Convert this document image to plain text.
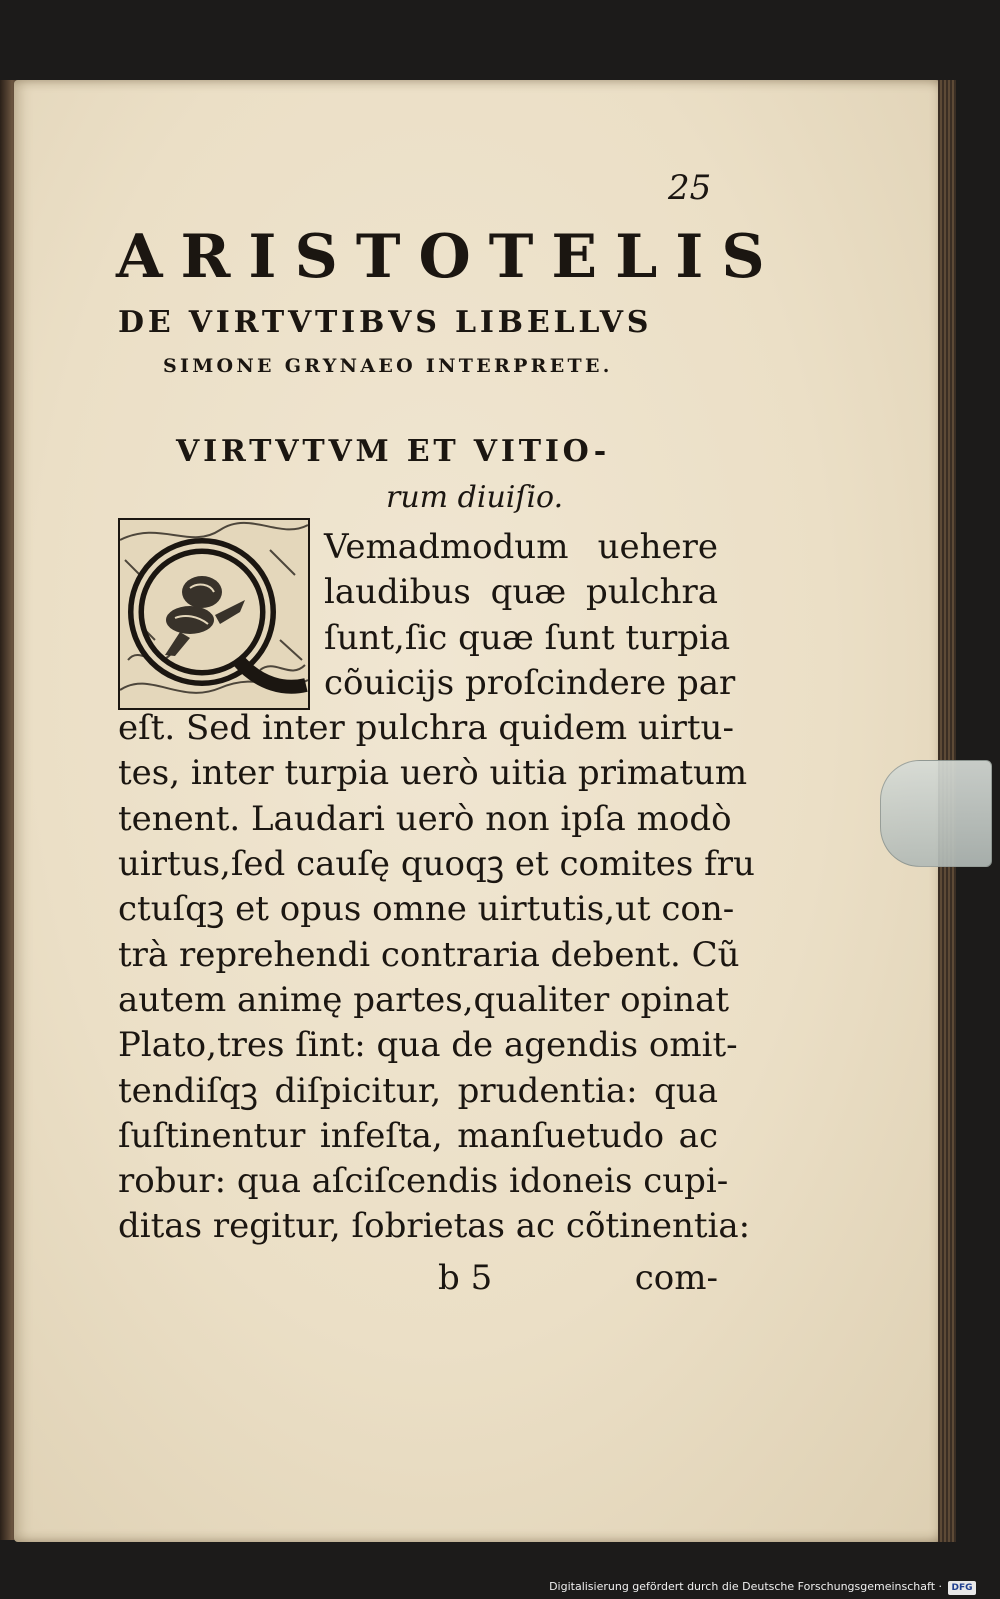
25
ARISTOTELIS
DE VIRTVTIBVS LIBELLVS
SIMONE GRYNAEO INTERPRETE.
VIRTVTVM ET VITIO-
rum diuiſio.
Vemadmodum uehere
laudibus quæ pulchra
ſunt,ſic quæ ſunt turpia
cõuicijs proſcindere par
eſt. Sed inter pulchra quidem uirtu-
tes, inter turpia uerò uitia primatum
tenent. Laudari uerò non ipſa modò
uirtus,ſed cauſę quoqꝫ et comites fru
ctuſqꝫ et opus omne uirtutis,ut con-
trà reprehendi contraria debent. Cũ
autem animę partes,qualiter opinat
Plato,tres ſint: qua de agendis omit-
tendiſqꝫ diſpicitur, prudentia: qua
ſuſtinentur infeſta, manſuetudo ac
robur: qua aſciſcendis idoneis cupi-
ditas regitur, ſobrietas ac cõtinentia:
b 5	com-
Digitalisierung gefördert durch die Deutsche Forschungsgemeinschaft ·	DFG
